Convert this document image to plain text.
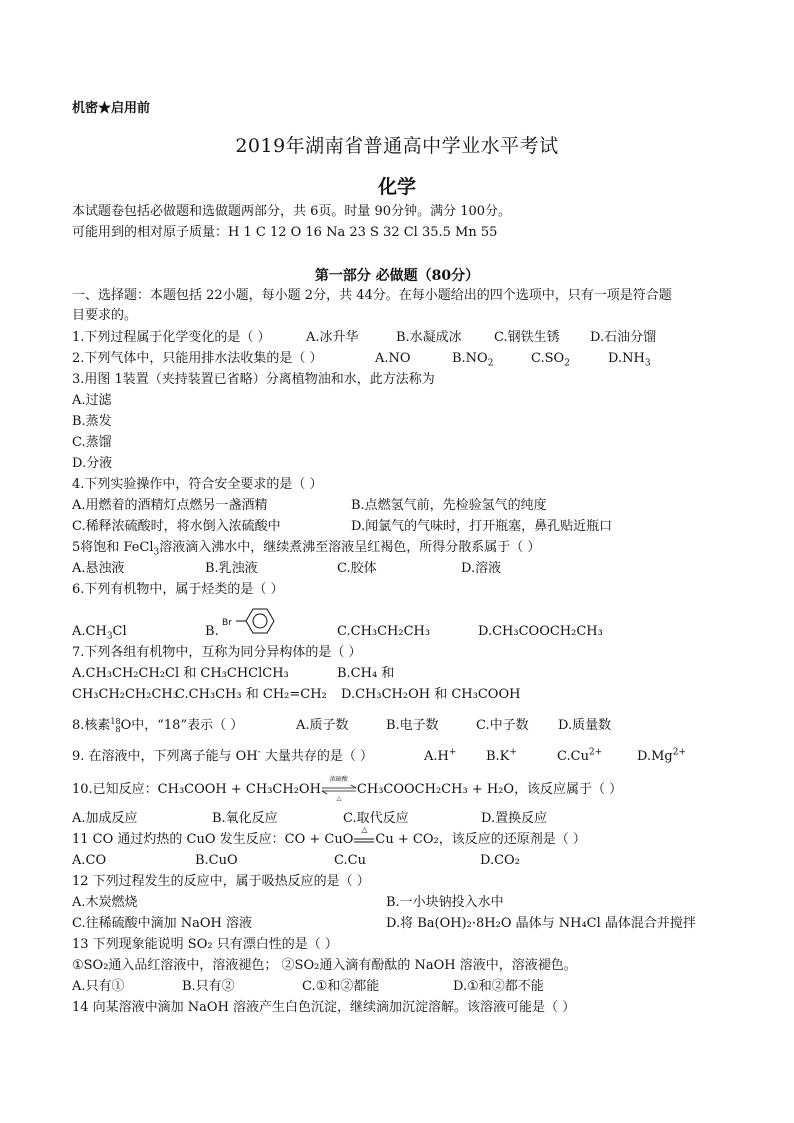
机密★启用前
2019年湖南省普通高中学业水平考试
化学
本试题卷包括必做题和选做题两部分，共 6页。时量 90分钟。满分 100分。
可能用到的相对原子质量：H 1 C 12 O 16 Na 23 S 32 Cl 35.5 Mn 55
第一部分 必做题（80分）
一、选择题：本题包括 22小题，每小题 2分，共 44分。在每小题给出的四个选项中，只有一项是符合题
目要求的。
1.下列过程属于化学变化的是（ ）	A.冰升华	B.水凝成冰 C.钢铁生锈 D.石油分馏
2.下列气体中，只能用排水法收集的是（ ）	A.NO	$B.NO_2$	$C.SO_2$	$D.NH_3$
3.用图 1装置（夹持装置已省略）分离植物油和水，此方法称为
A.过滤
B.蒸发
C.蒸馏
D.分液
4.下列实验操作中，符合安全要求的是（ ）
A.用燃着的酒精灯点燃另一盏酒精	B.点燃氢气前，先检验氢气的纯度
C.稀释浓硫酸时，将水倒入浓硫酸中	D.闻氯气的气味时，打开瓶塞，鼻孔贴近瓶口
5将饱和 FeCl$_3$溶液滴入沸水中，继续煮沸至溶液呈红褐色，所得分散系属于（ ）
A.悬浊液	B.乳浊液	C.胶体	D.溶液
6.下列有机物中，属于烃类的是（ ）
$A.CH_3Cl$	B.
Br
C.CH₃CH₂CH₃	D.CH₃COOCH₂CH₃
7.下列各组有机物中，互称为同分异构体的是（ ）
A.CH₃CH₂CH₂Cl 和 CH₃CHClCH₃	B.CH₄ 和
CH₃CH₂CH₂CH₃
C.CH₃CH₃ 和 CH₂=CH₂ D.CH₃CH₂OH 和 CH₃COOH
8.核素 18
8 O中，“18”表示（ ）	A.质子数	B.电子数	C.中子数 D.质量数
9. 在溶液中，下列离子能与 OH- 大量共存的是（ ）	A.H+ B.K+	$C.Cu^{2+}$	$D.Mg^{2+}$
10.已知反应：CH₃COOH + CH₃CH₂OH
浓硫酸
△
CH₃COOCH₂CH₃ + H₂O，该反应属于（ ）
A.加成反应	B.氧化反应	C.取代反应	D.置换反应
11 CO 通过灼热的 CuO 发生反应：CO + CuO
△
Cu + CO₂，该反应的还原剂是（ ）
A.CO	B.CuO	C.Cu	D.CO₂
12 下列过程发生的反应中，属于吸热反应的是（ ）
A.木炭燃烧	B.一小块钠投入水中
C.往稀硫酸中滴加 NaOH 溶液	D.将 Ba(OH)₂·8H₂O 晶体与 NH₄Cl 晶体混合并搅拌
13 下列现象能说明 SO₂ 只有漂白性的是（ ）
①SO₂通入品红溶液中，溶液褪色； ②SO₂通入滴有酚酞的 NaOH 溶液中，溶液褪色。
A.只有①	B.只有②	C.①和②都能	D.①和②都不能
14 向某溶液中滴加 NaOH 溶液产生白色沉淀，继续滴加沉淀溶解。该溶液可能是（ ）
